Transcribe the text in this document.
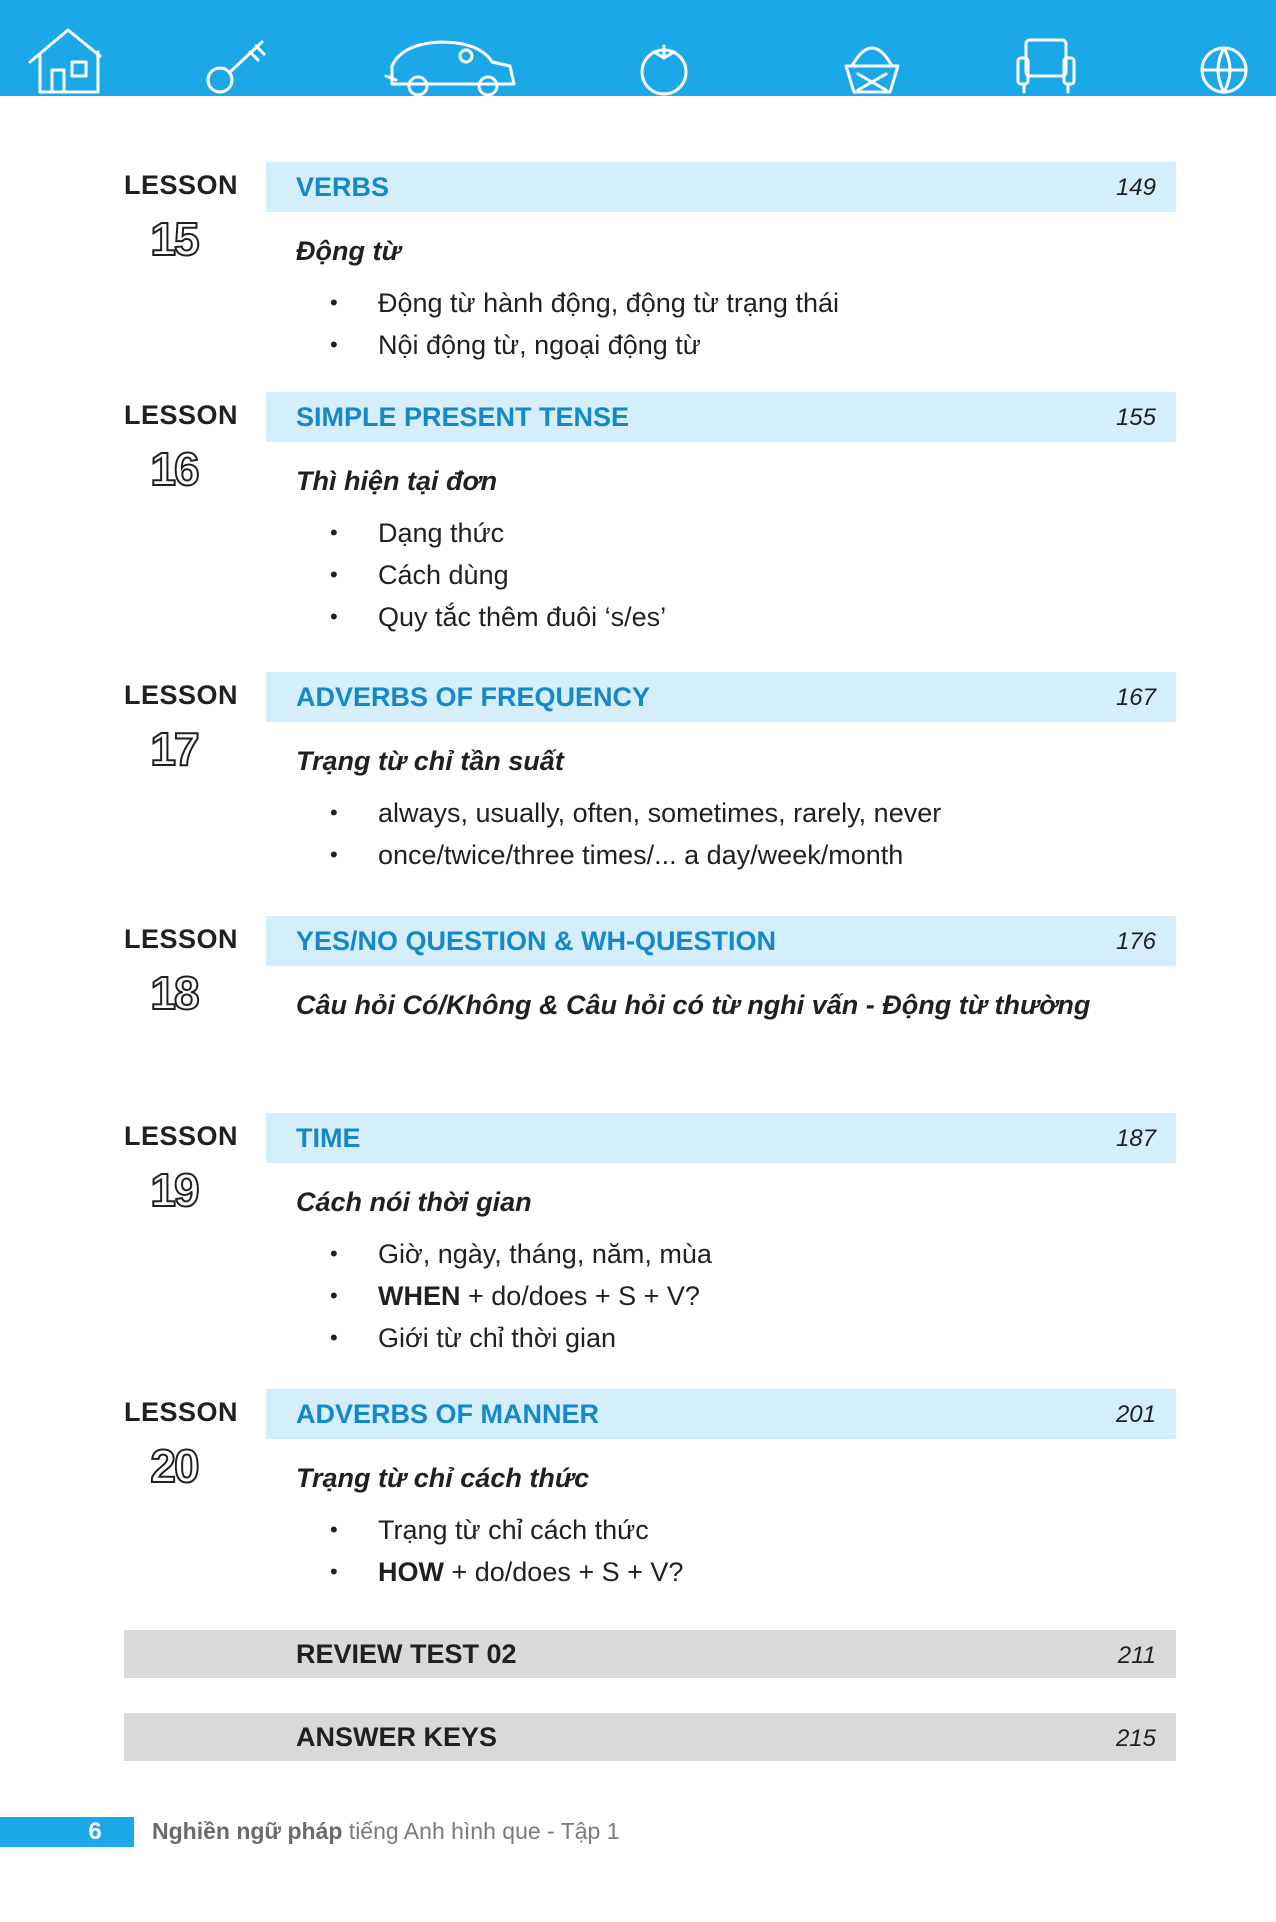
LESSON
15
VERBS	149
Động từ
• Động từ hành động, động từ trạng thái
• Nội động từ, ngoại động từ
LESSON
16
SIMPLE PRESENT TENSE	155
Thì hiện tại đơn
• Dạng thức
• Cách dùng
• Quy tắc thêm đuôi ‘s/es’
LESSON
17
ADVERBS OF FREQUENCY	167
Trạng từ chỉ tần suất
• always, usually, often, sometimes, rarely, never
• once/twice/three times/... a day/week/month
LESSON
18
YES/NO QUESTION & WH-QUESTION	176
Câu hỏi Có/Không & Câu hỏi có từ nghi vấn - Động từ thường
LESSON
19
TIME	187
Cách nói thời gian
• Giờ, ngày, tháng, năm, mùa
• WHEN + do/does + S + V?
• Giới từ chỉ thời gian
LESSON
20
ADVERBS OF MANNER	201
Trạng từ chỉ cách thức
• Trạng từ chỉ cách thức
• HOW + do/does + S + V?
REVIEW TEST 02	211
ANSWER KEYS	215
6	Nghiền ngữ pháp tiếng Anh hình que - Tập 1
